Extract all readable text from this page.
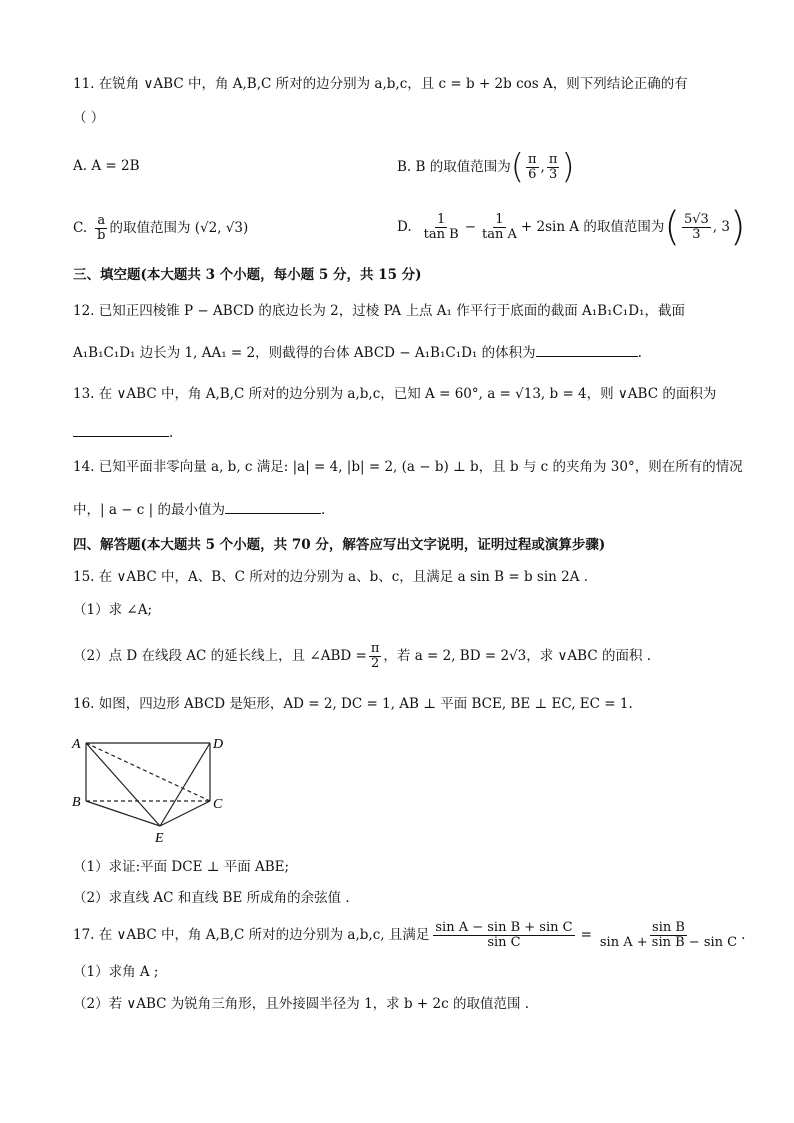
11. 在锐角 ∨ABC 中，角 A,B,C 所对的边分别为 a,b,c，且 c = b + 2b cos A，则下列结论正确的有
（ ）
A. A = 2B	B. B 的取值范围为 ( $\frac{\pi}{6}$ , $\frac{\pi}{3}$ )
C. $\frac{a}{b}$ 的取值范围为 (√2, √3)	D. $\frac{1}{\text{tan B}} - \frac{1}{\text{tan A}} + 2\sin$ A 的取值范围为 ( $\frac{5√3}{3}$ , 3 )
三、填空题(本大题共 3 个小题，每小题 5 分，共 15 分)
12. 已知正四棱锥 P − ABCD 的底边长为 2，过棱 PA 上点 A₁ 作平行于底面的截面 A₁B₁C₁D₁，截面
A₁B₁C₁D₁ 边长为 1, AA₁ = 2，则截得的台体 ABCD − A₁B₁C₁D₁ 的体积为	.
13. 在 ∨ABC 中，角 A,B,C 所对的边分别为 a,b,c，已知 A = 60°, a = √13, b = 4，则 ∨ABC 的面积为
.
14. 已知平面非零向量 a, b, c 满足: |a| = 4, |b| = 2, (a − b) ⊥ b，且 b 与 c 的夹角为 30°，则在所有的情况
中，| a − c | 的最小值为	.
四、解答题(本大题共 5 个小题，共 70 分，解答应写出文字说明，证明过程或演算步骤)
15. 在 ∨ABC 中，A、B、C 所对的边分别为 a、b、c，且满足 a sin B = b sin 2A .
（1）求 ∠A;
（2）点 D 在线段 AC 的延长线上，且 ∠ABD = $\frac{\pi}{2}$ ，若 a = 2, BD = 2√3，求 ∨ABC 的面积 .
16. 如图，四边形 ABCD 是矩形，AD = 2, DC = 1, AB ⊥ 平面 BCE, BE ⊥ EC, EC = 1.
A	D
B	C
E
（1）求证:平面 DCE ⊥ 平面 ABE;
（2）求直线 AC 和直线 BE 所成角的余弦值 .
17. 在 ∨ABC 中，角 A,B,C 所对的边分别为 a,b,c, 且满足 $\frac{\text{sin A − sin B + sin C}}{\text{sin C}} = \frac{\text{sin B}}{\text{sin A + sin B − sin C}}$ .
（1）求角 A ;
（2）若 ∨ABC 为锐角三角形，且外接圆半径为 1，求 b + 2c 的取值范围 .
